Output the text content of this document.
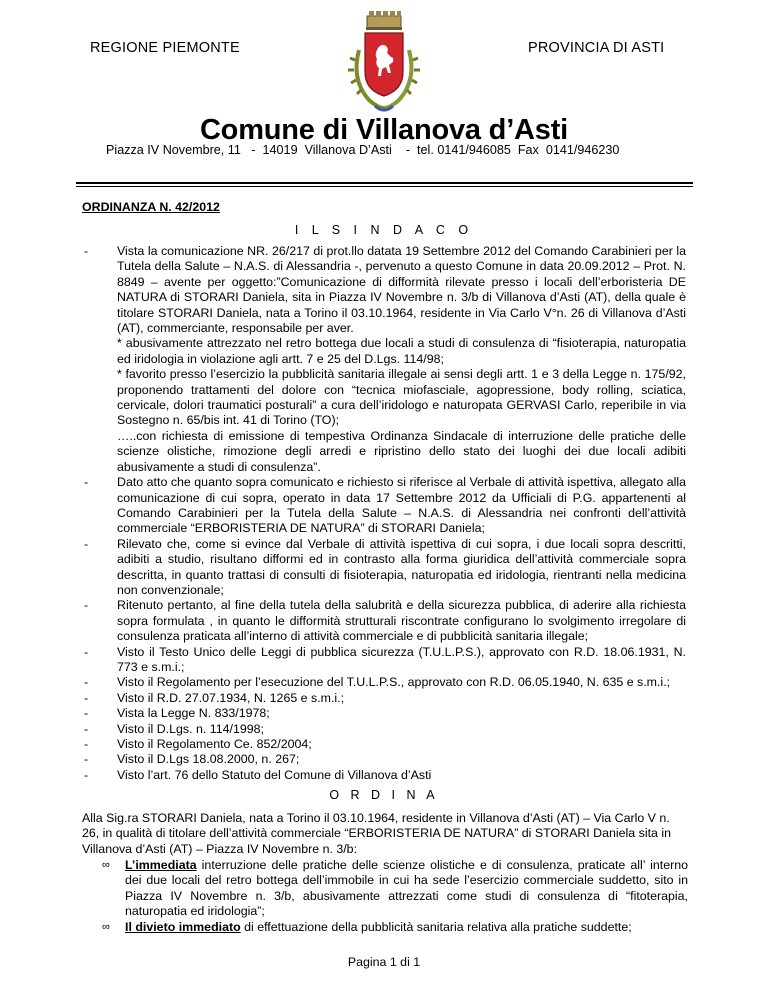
REGIONE PIEMONTE	PROVINCIA DI ASTI
Comune di Villanova d’Asti
Piazza IV Novembre, 11   -  14019  Villanova D’Asti    -  tel. 0141/946085  Fax  0141/946230
ORDINANZA N. 42/2012
I L S I N D A C O
- Vista la comunicazione NR. 26/217 di prot.llo datata 19 Settembre 2012 del Comando Carabinieri per la Tutela della Salute – N.A.S. di Alessandria -, pervenuto a questo Comune in data 20.09.2012 – Prot. N. 8849 – avente per oggetto:”Comunicazione di difformità rilevate presso i locali dell’erboristeria DE NATURA di STORARI Daniela, sita in Piazza IV Novembre n. 3/b di Villanova d’Asti (AT), della quale è titolare STORARI Daniela, nata a Torino il 03.10.1964, residente in Via Carlo V°n. 26 di Villanova d’Asti (AT), commerciante, responsabile per aver.
* abusivamente attrezzato nel retro bottega due locali a studi di consulenza di “fisioterapia, naturopatia ed iridologia in violazione agli artt. 7 e 25 del D.Lgs. 114/98;
* favorito presso l’esercizio la pubblicità sanitaria illegale ai sensi degli artt. 1 e 3 della Legge n. 175/92, proponendo trattamenti del dolore con “tecnica miofasciale, agopressione, body rolling, sciatica, cervicale, dolori traumatici posturali” a cura dell’iridologo e naturopata GERVASI Carlo, reperibile in via Sostegno n. 65/bis int. 41 di Torino (TO);
…..con richiesta di emissione di tempestiva Ordinanza Sindacale di interruzione delle pratiche delle scienze olistiche, rimozione degli arredi e ripristino dello stato dei luoghi dei due locali adibiti abusivamente a studi di consulenza”.
- Dato atto che quanto sopra comunicato e richiesto si riferisce al Verbale di attività ispettiva, allegato alla comunicazione di cui sopra, operato in data 17 Settembre 2012 da Ufficiali di P.G. appartenenti al Comando Carabinieri per la Tutela della Salute – N.A.S. di Alessandria nei confronti dell’attività commerciale “ERBORISTERIA DE NATURA” di STORARI Daniela;
- Rilevato che, come si evince dal Verbale di attività ispettiva di cui sopra, i due locali sopra descritti, adibiti a studio, risultano difformi ed in contrasto alla forma giuridica dell’attività commerciale sopra descritta, in quanto trattasi di consulti di fisioterapia, naturopatia ed iridologia, rientranti nella medicina non convenzionale;
- Ritenuto pertanto, al fine della tutela della salubrità e della sicurezza pubblica, di aderire alla richiesta sopra formulata , in quanto le difformità strutturali riscontrate configurano lo svolgimento irregolare di consulenza praticata all’interno di attività commerciale e di pubblicità sanitaria illegale;
- Visto il Testo Unico delle Leggi di pubblica sicurezza (T.U.L.P.S.), approvato con R.D. 18.06.1931, N. 773 e s.m.i.;
- Visto il Regolamento per l’esecuzione del T.U.L.P.S., approvato con R.D. 06.05.1940, N. 635 e s.m.i.;
- Visto il R.D. 27.07.1934, N. 1265 e s.m.i.;
- Vista la Legge N. 833/1978;
- Visto il D.Lgs. n. 114/1998;
- Visto il Regolamento Ce. 852/2004;
- Visto il D.Lgs 18.08.2000, n. 267;
- Visto l’art. 76 dello Statuto del Comune di Villanova d’Asti
O R D I N A
Alla Sig.ra STORARI Daniela, nata a Torino il 03.10.1964, residente in Villanova d’Asti (AT) – Via Carlo V n. 26, in qualità di titolare dell’attività commerciale “ERBORISTERIA DE NATURA” di STORARI Daniela sita in Villanova d’Asti (AT) – Piazza IV Novembre n. 3/b:
∞ L’immediata interruzione delle pratiche delle scienze olistiche e di consulenza, praticate all’ interno dei due locali del retro bottega dell’immobile in cui ha sede l’esercizio commerciale suddetto, sito in Piazza IV Novembre n. 3/b, abusivamente attrezzati come studi di consulenza di “fitoterapia, naturopatia ed iridologia”;
∞ Il divieto immediato di effettuazione della pubblicità sanitaria relativa alla pratiche suddette;
Pagina 1 di 1
